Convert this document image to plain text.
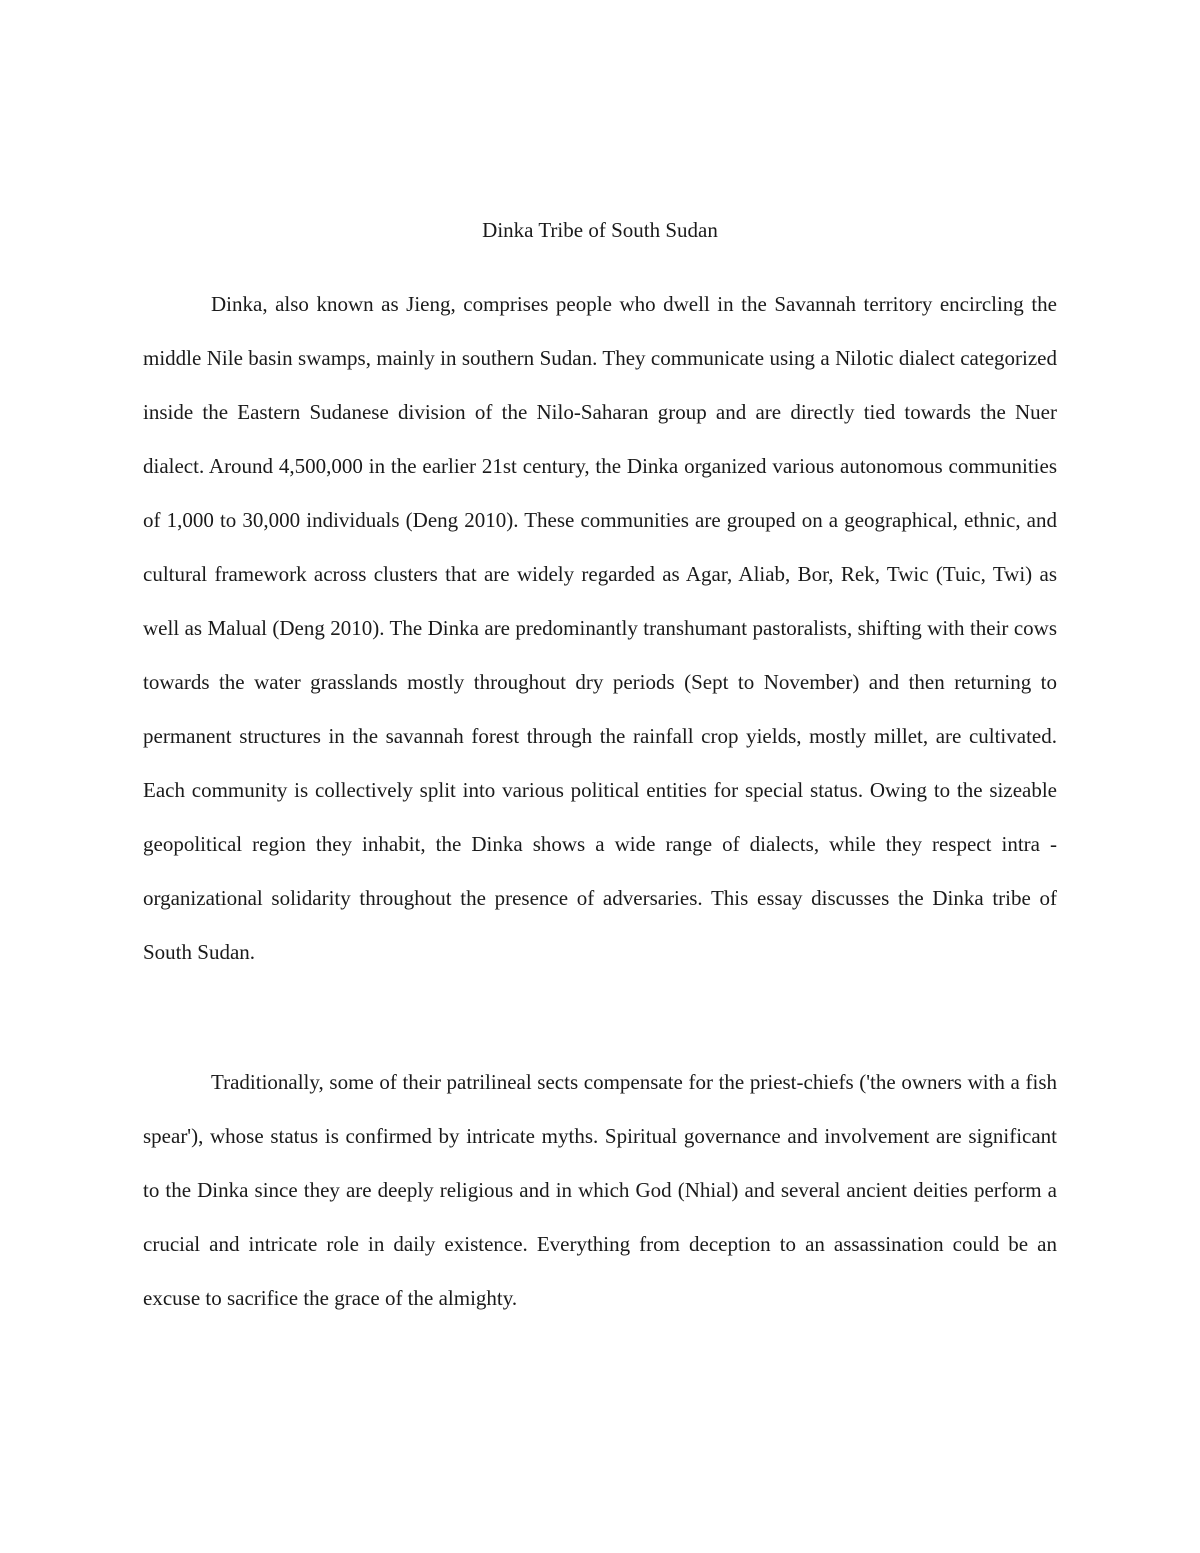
Dinka Tribe of South Sudan

Dinka, also known as Jieng, comprises people who dwell in the Savannah territory encircling the middle Nile basin swamps, mainly in southern Sudan. They communicate using a Nilotic dialect categorized inside the Eastern Sudanese division of the Nilo-Saharan group and are directly tied towards the Nuer dialect. Around 4,500,000 in the earlier 21st century, the Dinka organized various autonomous communities of 1,000 to 30,000 individuals (Deng 2010). These communities are grouped on a geographical, ethnic, and cultural framework across clusters that are widely regarded as Agar, Aliab, Bor, Rek, Twic (Tuic, Twi) as well as Malual (Deng 2010). The Dinka are predominantly transhumant pastoralists, shifting with their cows towards the water grasslands mostly throughout dry periods (Sept to November) and then returning to permanent structures in the savannah forest through the rainfall crop yields, mostly millet, are cultivated. Each community is collectively split into various political entities for special status. Owing to the sizeable geopolitical region they inhabit, the Dinka shows a wide range of dialects, while they respect intra - organizational solidarity throughout the presence of adversaries. This essay discusses the Dinka tribe of South Sudan.

Traditionally, some of their patrilineal sects compensate for the priest-chiefs ('the owners with a fish spear'), whose status is confirmed by intricate myths. Spiritual governance and involvement are significant to the Dinka since they are deeply religious and in which God (Nhial) and several ancient deities perform a crucial and intricate role in daily existence. Everything from deception to an assassination could be an excuse to sacrifice the grace of the almighty.
